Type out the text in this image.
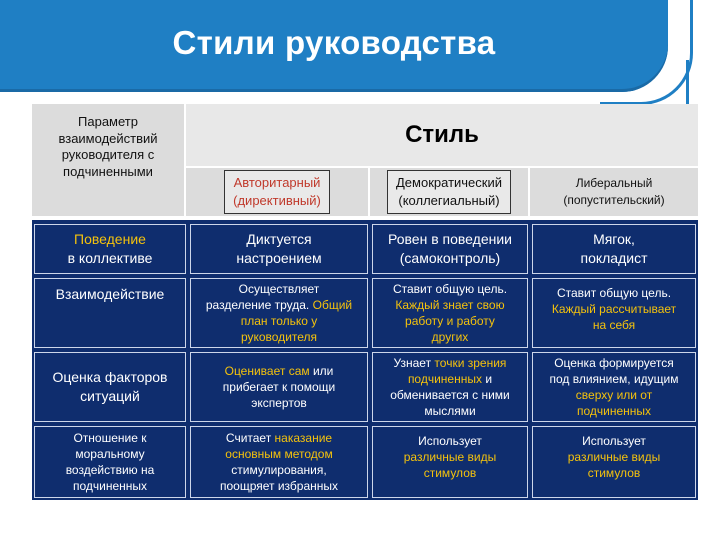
Стили руководства
Параметр
взаимодействий
руководителя с
подчиненными
Стиль
Авторитарный
(директивный)
Демократический
(коллегиальный)
Либеральный
(попустительский)
Поведение
в коллективе
Диктуется
настроением
Ровен в поведении
(самоконтроль)
Мягок,
покладист
Взаимодействие	Осуществляет
разделение труда. Общий
план только у
руководителя
Ставит общую цель.
Каждый знает свою
работу и работу
других
Ставит общую цель.
Каждый рассчитывает
на себя
Оценка факторов
ситуаций
Оценивает сам или
прибегает к помощи
экспертов
Узнает точки зрения
подчиненных и
обменивается с ними
мыслями
Оценка формируется
под влиянием, идущим
сверху или от
подчиненных
Отношение к
моральному
воздействию на
подчиненных
Считает наказание
основным методом
стимулирования,
поощряет избранных
Использует
различные виды
стимулов
Использует
различные виды
стимулов
